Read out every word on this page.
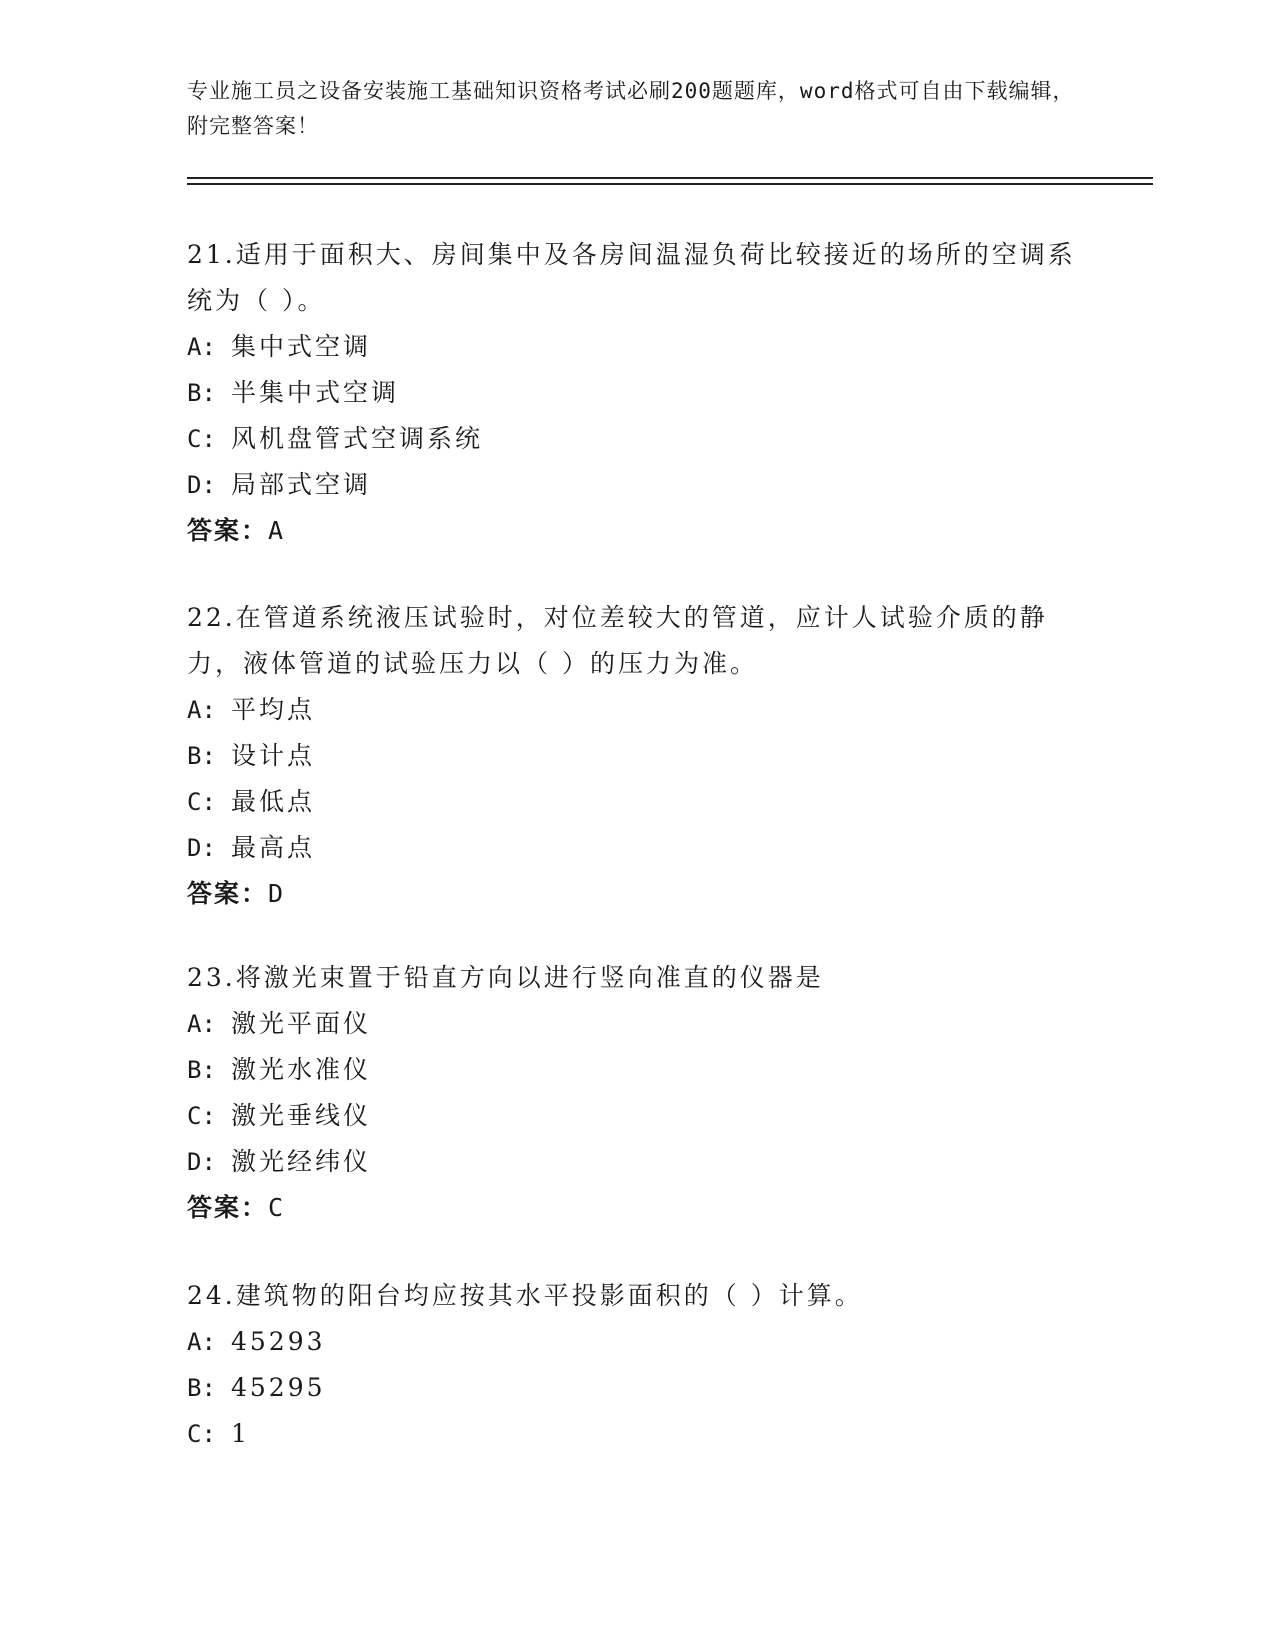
专业施工员之设备安装施工基础知识资格考试必刷200题题库，word格式可自由下载编辑，附完整答案！
21.适用于面积大、房间集中及各房间温湿负荷比较接近的场所的空调系统为（ ）。
A: 集中式空调
B: 半集中式空调
C: 风机盘管式空调系统
D: 局部式空调
答案：A
22.在管道系统液压试验时，对位差较大的管道，应计人试验介质的静力，液体管道的试验压力以（ ）的压力为准。
A: 平均点
B: 设计点
C: 最低点
D: 最高点
答案：D
23.将激光束置于铅直方向以进行竖向准直的仪器是
A: 激光平面仪
B: 激光水准仪
C: 激光垂线仪
D: 激光经纬仪
答案：C
24.建筑物的阳台均应按其水平投影面积的（ ）计算。
A: 45293
B: 45295
C: 1
